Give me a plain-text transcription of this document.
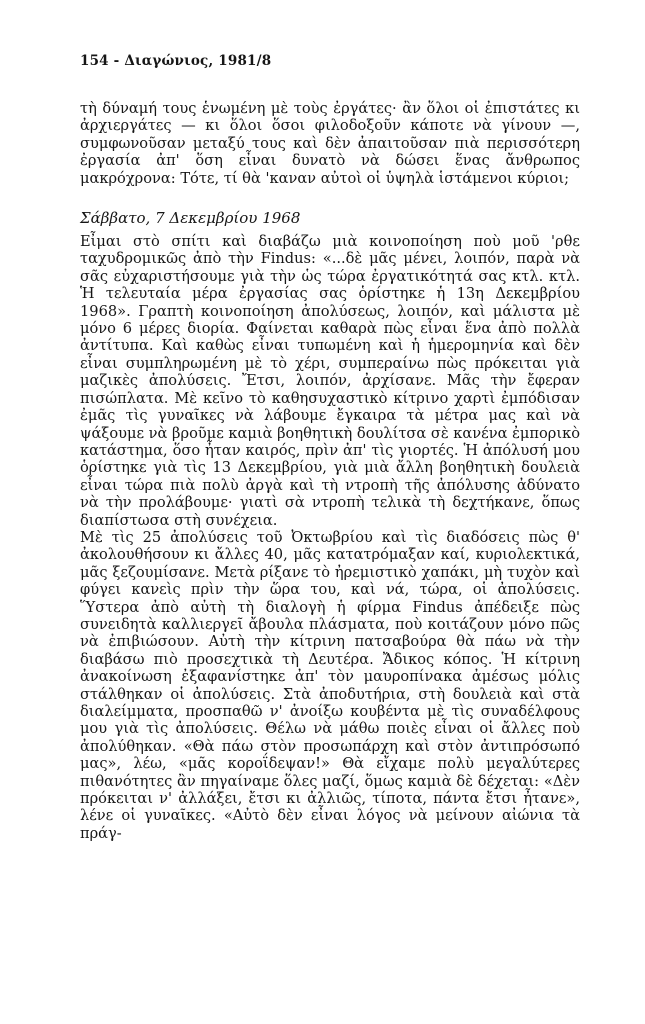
154 - Διαγώνιος, 1981/8

τὴ δύναμή τους ἑνωμένη μὲ τοὺς ἐργάτες· ἂν ὅλοι οἱ ἐπιστάτες κι ἀρχιεργάτες — κι ὅλοι ὅσοι φιλοδοξοῦν κάποτε νὰ γίνουν —, συμφωνοῦσαν μεταξύ τους καὶ δὲν ἀπαιτοῦσαν πιὰ περισσότερη ἐργασία ἀπ' ὅση εἶναι δυνατὸ νὰ δώσει ἕνας ἄνθρωπος μακρόχρονα: Τότε, τί θὰ 'καναν αὐτοὶ οἱ ὑψηλὰ ἱστάμενοι κύριοι;

Σάββατο, 7 Δεκεμβρίου 1968

Εἶμαι στὸ σπίτι καὶ διαβάζω μιὰ κοινοποίηση ποὺ μοῦ 'ρθε ταχυδρομικῶς ἀπὸ τὴν Findus: «...δὲ μᾶς μένει, λοιπόν, παρὰ νὰ σᾶς εὐχαριστήσουμε γιὰ τὴν ὡς τώρα ἐργατικότητά σας κτλ. κτλ. Ἡ τελευταία μέρα ἐργασίας σας ὁρίστηκε ἡ 13η Δεκεμβρίου 1968». Γραπτὴ κοινοποίηση ἀπολύσεως, λοιπόν, καὶ μάλιστα μὲ μόνο 6 μέρες διορία. Φαίνεται καθαρὰ πὼς εἶναι ἕνα ἀπὸ πολλὰ ἀντίτυπα. Καὶ καθὼς εἶναι τυπωμένη καὶ ἡ ἡμερομηνία καὶ δὲν εἶναι συμπληρωμένη μὲ τὸ χέρι, συμπεραίνω πὼς πρόκειται γιὰ μαζικὲς ἀπολύσεις. Ἔτσι, λοιπόν, ἀρχίσανε. Μᾶς τὴν ἔφεραν πισώπλατα. Μὲ κεῖνο τὸ καθησυχαστικὸ κίτρινο χαρτὶ ἐμπόδισαν ἐμᾶς τὶς γυναῖκες νὰ λάβουμε ἔγκαιρα τὰ μέτρα μας καὶ νὰ ψάξουμε νὰ βροῦμε καμιὰ βοηθητικὴ δουλίτσα σὲ κανένα ἐμπορικὸ κατάστημα, ὅσο ἦταν καιρός, πρὶν ἀπ' τὶς γιορτές. Ἡ ἀπόλυσή μου ὁρίστηκε γιὰ τὶς 13 Δεκεμβρίου, γιὰ μιὰ ἄλλη βοηθητικὴ δουλειὰ εἶναι τώρα πιὰ πολὺ ἀργὰ καὶ τὴ ντροπὴ τῆς ἀπόλυσης ἀδύνατο νὰ τὴν προλάβουμε· γιατὶ σὰ ντροπὴ τελικὰ τὴ δεχτήκανε, ὅπως διαπίστωσα στὴ συνέχεια.

Μὲ τὶς 25 ἀπολύσεις τοῦ Ὀκτωβρίου καὶ τὶς διαδόσεις πὼς θ' ἀκολουθήσουν κι ἄλλες 40, μᾶς κατατρόμαξαν καί, κυριολεκτικά, μᾶς ξεζουμίσανε. Μετὰ ρίξανε τὸ ἠρεμιστικὸ χαπάκι, μὴ τυχὸν καὶ φύγει κανεὶς πρὶν τὴν ὥρα του, καὶ νά, τώρα, οἱ ἀπολύσεις. Ὕστερα ἀπὸ αὐτὴ τὴ διαλογὴ ἡ φίρμα Findus ἀπέδειξε πὼς συνειδητὰ καλλιεργεῖ ἄβουλα πλάσματα, ποὺ κοιτάζουν μόνο πῶς νὰ ἐπιβιώσουν. Αὐτὴ τὴν κίτρινη πατσαβούρα θὰ πάω νὰ τὴν διαβάσω πιὸ προσεχτικὰ τὴ Δευτέρα. Ἄδικος κόπος. Ἡ κίτρινη ἀνακοίνωση ἐξαφανίστηκε ἀπ' τὸν μαυροπίνακα ἀμέσως μόλις στάλθηκαν οἱ ἀπολύσεις. Στὰ ἀποδυτήρια, στὴ δουλειὰ καὶ στὰ διαλείμματα, προσπαθῶ ν' ἀνοίξω κουβέντα μὲ τὶς συναδέλφους μου γιὰ τὶς ἀπολύσεις. Θέλω νὰ μάθω ποιὲς εἶναι οἱ ἄλλες ποὺ ἀπολύθηκαν. «Θὰ πάω στὸν προσωπάρχη καὶ στὸν ἀντιπρόσωπό μας», λέω, «μᾶς κοροΐδεψαν!» Θὰ εἴχαμε πολὺ μεγαλύτερες πιθανότητες ἂν πηγαίναμε ὅλες μαζί, ὅμως καμιὰ δὲ δέχεται: «Δὲν πρόκειται ν' ἀλλάξει, ἔτσι κι ἀλλιῶς, τίποτα, πάντα ἔτσι ἦτανε», λένε οἱ γυναῖκες. «Αὐτὸ δὲν εἶναι λόγος νὰ μείνουν αἰώνια τὰ πράγ-
